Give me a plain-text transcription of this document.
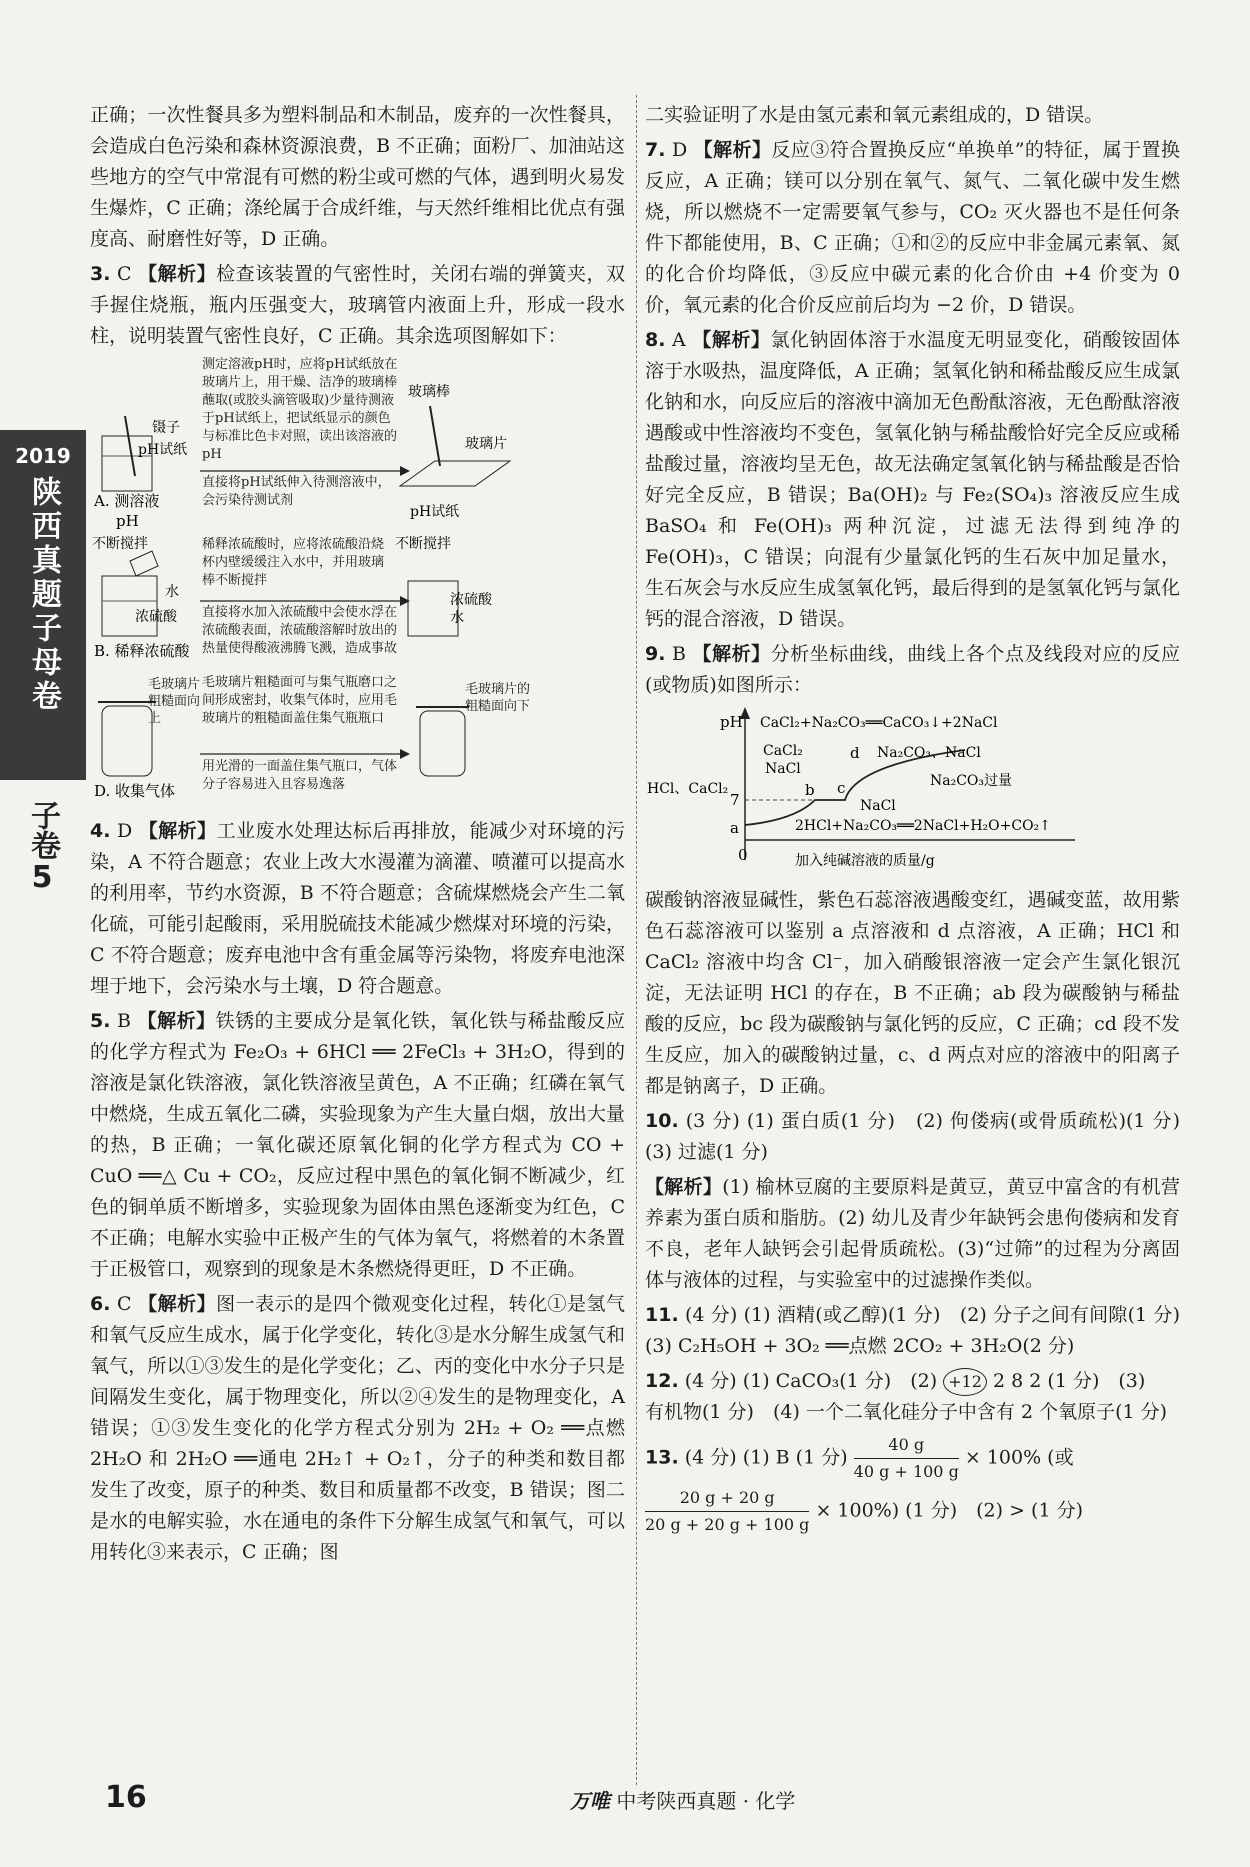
2019
陕西真题子母卷
子卷
5

正确；一次性餐具多为塑料制品和木制品，废弃的一次性餐具，会造成白色污染和森林资源浪费，B 不正确；面粉厂、加油站这些地方的空气中常混有可燃的粉尘或可燃的气体，遇到明火易发生爆炸，C 正确；涤纶属于合成纤维，与天然纤维相比优点有强度高、耐磨性好等，D 正确。

3. C 【解析】检查该装置的气密性时，关闭右端的弹簧夹，双手握住烧瓶，瓶内压强变大，玻璃管内液面上升，形成一段水柱，说明装置气密性良好，C 正确。其余选项图解如下：

测定溶液pH时，应将pH试纸放在玻璃片上，用干燥、洁净的玻璃棒蘸取(或胶头滴管吸取)少量待测液于pH试纸上，把试纸显示的颜色与标准比色卡对照，读出该溶液的pH
直接将pH试纸伸入待测溶液中，会污染待测试剂
镊子
pH试纸
A. 测溶液
pH
玻璃棒
玻璃片
pH试纸
不断搅拌
水
浓硫酸
B. 稀释浓硫酸
稀释浓硫酸时，应将浓硫酸沿烧杯内壁缓缓注入水中，并用玻璃棒不断搅拌
直接将水加入浓硫酸中会使水浮在浓硫酸表面，浓硫酸溶解时放出的热量使得酸液沸腾飞溅，造成事故
不断搅拌
浓硫酸
水
毛玻璃片粗糙面向上
D. 收集气体
毛玻璃片粗糙面可与集气瓶磨口之间形成密封，收集气体时，应用毛玻璃片的粗糙面盖住集气瓶瓶口
用光滑的一面盖住集气瓶口，气体分子容易进入且容易逸落
毛玻璃片的粗糙面向下

4. D 【解析】工业废水处理达标后再排放，能减少对环境的污染，A 不符合题意；农业上改大水漫灌为滴灌、喷灌可以提高水的利用率，节约水资源，B 不符合题意；含硫煤燃烧会产生二氧化硫，可能引起酸雨，采用脱硫技术能减少燃煤对环境的污染，C 不符合题意；废弃电池中含有重金属等污染物，将废弃电池深埋于地下，会污染水与土壤，D 符合题意。

5. B 【解析】铁锈的主要成分是氧化铁，氧化铁与稀盐酸反应的化学方程式为 Fe₂O₃ + 6HCl ══ 2FeCl₃ + 3H₂O，得到的溶液是氯化铁溶液，氯化铁溶液呈黄色，A 不正确；红磷在氧气中燃烧，生成五氧化二磷，实验现象为产生大量白烟，放出大量的热，B 正确；一氧化碳还原氧化铜的化学方程式为 CO + CuO ══△ Cu + CO₂，反应过程中黑色的氧化铜不断减少，红色的铜单质不断增多，实验现象为固体由黑色逐渐变为红色，C 不正确；电解水实验中正极产生的气体为氧气，将燃着的木条置于正极管口，观察到的现象是木条燃烧得更旺，D 不正确。

6. C 【解析】图一表示的是四个微观变化过程，转化①是氢气和氧气反应生成水，属于化学变化，转化③是水分解生成氢气和氧气，所以①③发生的是化学变化；乙、丙的变化中水分子只是间隔发生变化，属于物理变化，所以②④发生的是物理变化，A 错误；①③发生变化的化学方程式分别为 2H₂ + O₂ ══点燃 2H₂O 和 2H₂O ══通电 2H₂↑ + O₂↑，分子的种类和数目都发生了改变，原子的种类、数目和质量都不改变，B 错误；图二是水的电解实验，水在通电的条件下分解生成氢气和氧气，可以用转化③来表示，C 正确；图

二实验证明了水是由氢元素和氧元素组成的，D 错误。

7. D 【解析】反应③符合置换反应“单换单”的特征，属于置换反应，A 正确；镁可以分别在氧气、氮气、二氧化碳中发生燃烧，所以燃烧不一定需要氧气参与，CO₂ 灭火器也不是任何条件下都能使用，B、C 正确；①和②的反应中非金属元素氧、氮的化合价均降低，③反应中碳元素的化合价由 +4 价变为 0 价，氧元素的化合价反应前后均为 −2 价，D 错误。

8. A 【解析】氯化钠固体溶于水温度无明显变化，硝酸铵固体溶于水吸热，温度降低，A 正确；氢氧化钠和稀盐酸反应生成氯化钠和水，向反应后的溶液中滴加无色酚酞溶液，无色酚酞溶液遇酸或中性溶液均不变色，氢氧化钠与稀盐酸恰好完全反应或稀盐酸过量，溶液均呈无色，故无法确定氢氧化钠与稀盐酸是否恰好完全反应，B 错误；Ba(OH)₂ 与 Fe₂(SO₄)₃ 溶液反应生成 BaSO₄ 和 Fe(OH)₃ 两种沉淀，过滤无法得到纯净的 Fe(OH)₃，C 错误；向混有少量氯化钙的生石灰中加足量水，生石灰会与水反应生成氢氧化钙，最后得到的是氢氧化钙与氯化钙的混合溶液，D 错误。

9. B 【解析】分析坐标曲线，曲线上各个点及线段对应的反应(或物质)如图所示：

pH
7
0
a
b c
d
CaCl₂+Na₂CO₃══CaCO₃↓+2NaCl
CaCl₂
NaCl
HCl、CaCl₂
Na₂CO₃、NaCl
Na₂CO₃过量
NaCl
2HCl+Na₂CO₃══2NaCl+H₂O+CO₂↑
加入纯碱溶液的质量/g

碳酸钠溶液显碱性，紫色石蕊溶液遇酸变红，遇碱变蓝，故用紫色石蕊溶液可以鉴别 a 点溶液和 d 点溶液，A 正确；HCl 和 CaCl₂ 溶液中均含 Cl⁻，加入硝酸银溶液一定会产生氯化银沉淀，无法证明 HCl 的存在，B 不正确；ab 段为碳酸钠与稀盐酸的反应，bc 段为碳酸钠与氯化钙的反应，C 正确；cd 段不发生反应，加入的碳酸钠过量，c、d 两点对应的溶液中的阳离子都是钠离子，D 正确。

10. (3 分) (1) 蛋白质(1 分)　(2) 佝偻病(或骨质疏松)(1 分)　(3) 过滤(1 分)

【解析】(1) 榆林豆腐的主要原料是黄豆，黄豆中富含的有机营养素为蛋白质和脂肪。(2) 幼儿及青少年缺钙会患佝偻病和发育不良，老年人缺钙会引起骨质疏松。(3)“过筛”的过程为分离固体与液体的过程，与实验室中的过滤操作类似。

11. (4 分) (1) 酒精(或乙醇)(1 分)　(2) 分子之间有间隙(1 分)　(3) C₂H₅OH + 3O₂ ══点燃 2CO₂ + 3H₂O(2 分)

12. (4 分) (1) CaCO₃(1 分)　(2) +12 2 8 2 (1 分)　(3)
有机物(1 分)　(4) 一个二氧化硅分子中含有 2 个氧原子(1 分)

13. (4 分) (1) B (1 分) $\frac{40 g}{40 g + 100 g} \times 100\%$ (或

$\frac{20 g + 20 g}{20 g + 20 g + 100 g} \times 100\%$) (1 分)　(2) > (1 分)
16	万唯 中考陕西真题 · 化学
